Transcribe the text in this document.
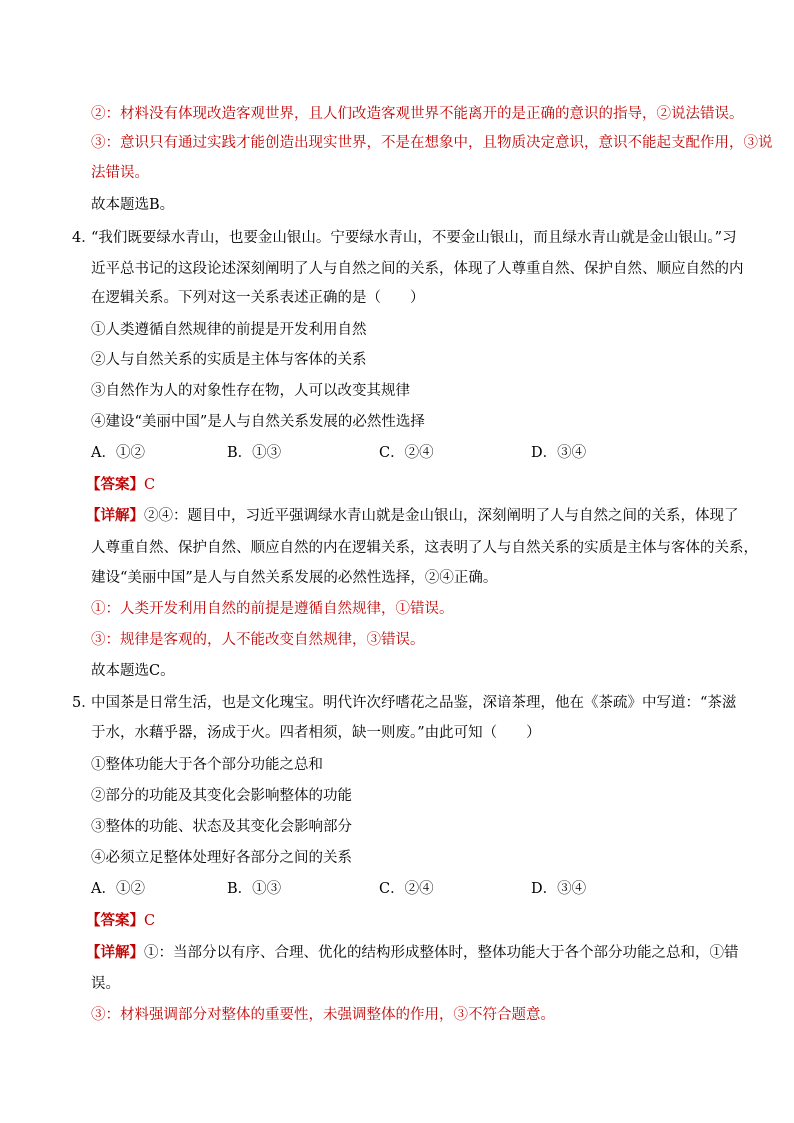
②：材料没有体现改造客观世界，且人们改造客观世界不能离开的是正确的意识的指导，②说法错误。
③：意识只有通过实践才能创造出现实世界，不是在想象中，且物质决定意识，意识不能起支配作用，③说
法错误。
故本题选B。
4．
“我们既要绿水青山，也要金山银山。宁要绿水青山，不要金山银山，而且绿水青山就是金山银山。”习
近平总书记的这段论述深刻阐明了人与自然之间的关系，体现了人尊重自然、保护自然、顺应自然的内
在逻辑关系。下列对这一关系表述正确的是（　　）
①人类遵循自然规律的前提是开发利用自然
②人与自然关系的实质是主体与客体的关系
③自然作为人的对象性存在物，人可以改变其规律
④建设“美丽中国”是人与自然关系发展的必然性选择
A．①②	B．①③	C．②④	D．③④
【答案】C
【详解】②④：题目中，习近平强调绿水青山就是金山银山，深刻阐明了人与自然之间的关系，体现了
人尊重自然、保护自然、顺应自然的内在逻辑关系，这表明了人与自然关系的实质是主体与客体的关系，
建设“美丽中国”是人与自然关系发展的必然性选择，②④正确。
①：人类开发利用自然的前提是遵循自然规律，①错误。
③：规律是客观的，人不能改变自然规律，③错误。
故本题选C。
5．
中国茶是日常生活，也是文化瑰宝。明代许次纾嗜花之品鉴，深谙茶理，他在《茶疏》中写道：“茶滋
于水，水藉乎器，汤成于火。四者相须，缺一则废。”由此可知（　　）
①整体功能大于各个部分功能之总和
②部分的功能及其变化会影响整体的功能
③整体的功能、状态及其变化会影响部分
④必须立足整体处理好各部分之间的关系
A．①②	B．①③	C．②④	D．③④
【答案】C
【详解】①：当部分以有序、合理、优化的结构形成整体时，整体功能大于各个部分功能之总和，①错
误。
③：材料强调部分对整体的重要性，未强调整体的作用，③不符合题意。
